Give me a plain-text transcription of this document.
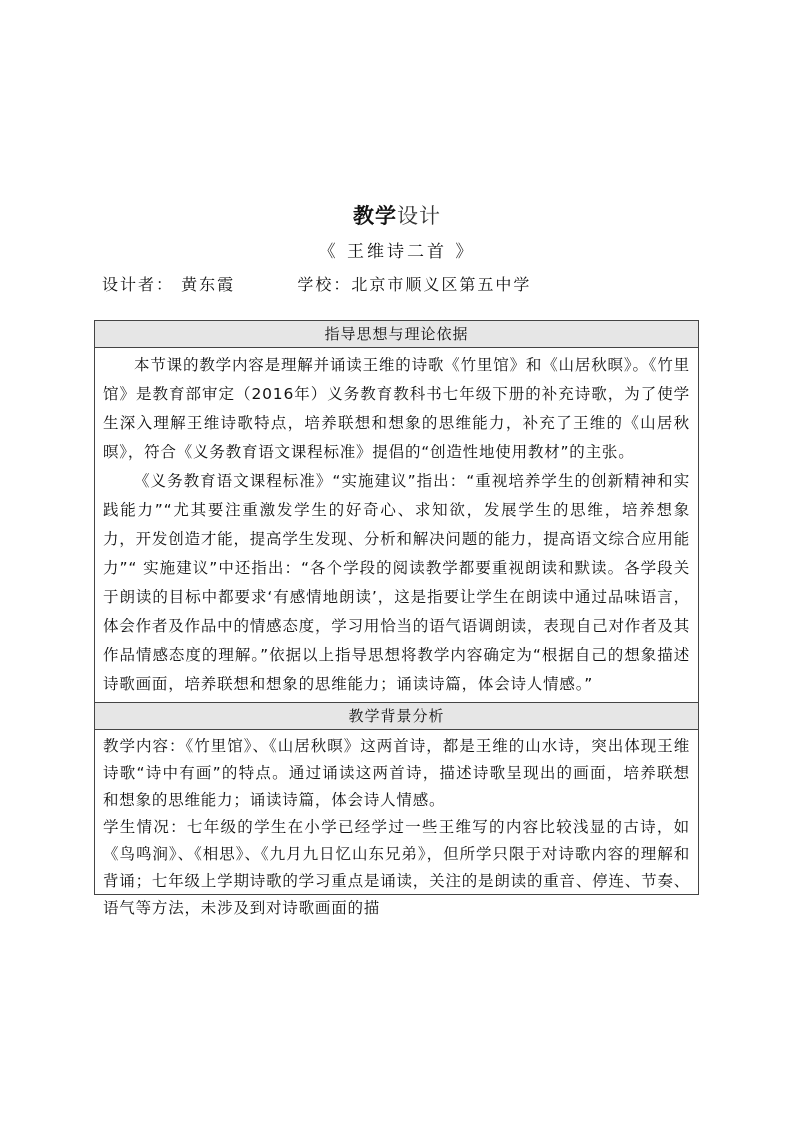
教学设计
《 王维诗二首 》
设计者： 黄东霞	学校：北京市顺义区第五中学
指导思想与理论依据

本节课的教学内容是理解并诵读王维的诗歌《竹里馆》和《山居秋暝》。《竹里馆》是教育部审定（2016年）义务教育教科书七年级下册的补充诗歌，为了使学生深入理解王维诗歌特点，培养联想和想象的思维能力，补充了王维的《山居秋暝》，符合《义务教育语文课程标准》提倡的“创造性地使用教材”的主张。

《义务教育语文课程标准》“实施建议”指出：“重视培养学生的创新精神和实践能力”“尤其要注重激发学生的好奇心、求知欲，发展学生的思维，培养想象力，开发创造才能，提高学生发现、分析和解决问题的能力，提高语文综合应用能力”“ 实施建议”中还指出：“各个学段的阅读教学都要重视朗读和默读。各学段关于朗读的目标中都要求‘有感情地朗读’，这是指要让学生在朗读中通过品味语言，体会作者及作品中的情感态度，学习用恰当的语气语调朗读，表现自己对作者及其作品情感态度的理解。”依据以上指导思想将教学内容确定为“根据自己的想象描述诗歌画面，培养联想和想象的思维能力；诵读诗篇，体会诗人情感。”

教学背景分析

教学内容：《竹里馆》、《山居秋暝》这两首诗，都是王维的山水诗，突出体现王维诗歌“诗中有画”的特点。通过诵读这两首诗，描述诗歌呈现出的画面，培养联想和想象的思维能力；诵读诗篇，体会诗人情感。

学生情况：七年级的学生在小学已经学过一些王维写的内容比较浅显的古诗，如《鸟鸣涧》、《相思》、《九月九日忆山东兄弟》，但所学只限于对诗歌内容的理解和背诵；七年级上学期诗歌的学习重点是诵读，关注的是朗读的重音、停连、节奏、语气等方法，未涉及到对诗歌画面的描
